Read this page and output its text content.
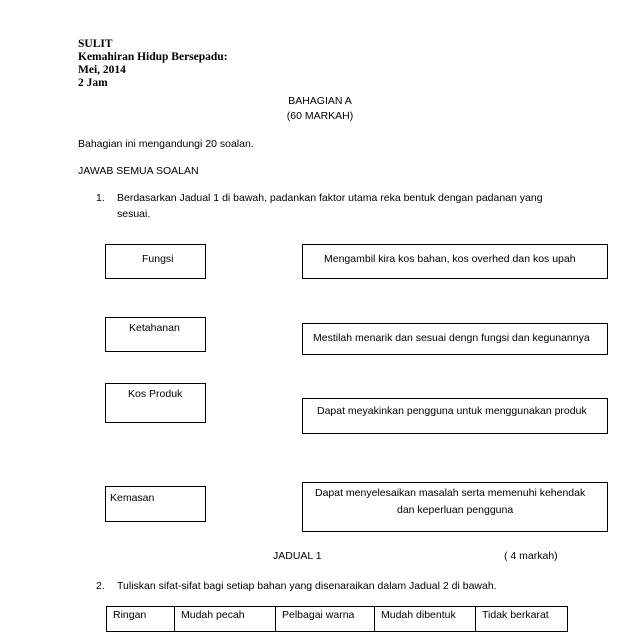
SULIT
Kemahiran Hidup Bersepadu:
Mei, 2014
2 Jam
BAHAGIAN A
(60 MARKAH)
Bahagian ini mengandungi 20 soalan.
JAWAB SEMUA SOALAN
1. Berdasarkan Jadual 1 di bawah, padankan faktor utama reka bentuk dengan padanan yang
sesuai.
Fungsi
Ketahanan
Kos Produk
Kemasan
Mengambil kira kos bahan, kos overhed dan kos upah
Mestilah menarik dan sesuai dengn fungsi dan kegunannya
Dapat meyakinkan pengguna untuk menggunakan produk
Dapat menyelesaikan masalah serta memenuhi kehendak
dan keperluan pengguna
JADUAL 1	( 4 markah)
2. Tuliskan sifat-sifat bagi setiap bahan yang disenaraikan dalam Jadual 2 di bawah.
Ringan	Mudah pecah	Pelbagai warna	Mudah dibentuk	Tidak berkarat
